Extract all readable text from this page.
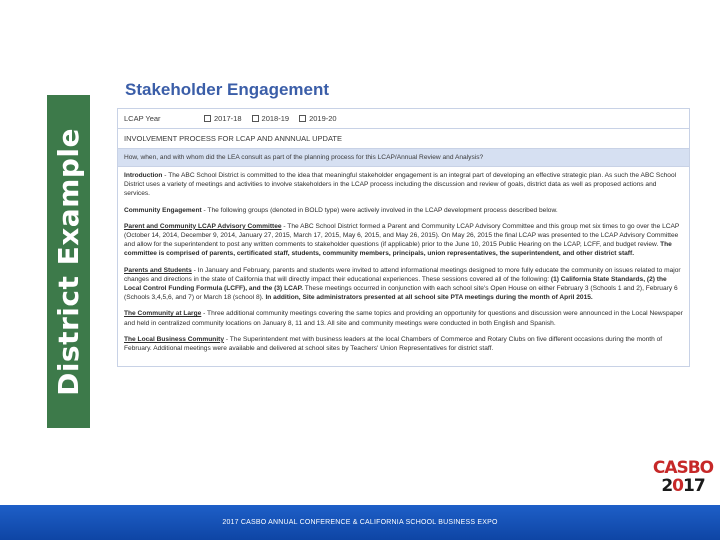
District Example
Stakeholder Engagement
LCAP Year	2017-18	2018-19	2019-20
INVOLVEMENT PROCESS FOR LCAP AND ANNNUAL UPDATE
How, when, and with whom did the LEA consult as part of the planning process for this LCAP/Annual Review and Analysis?

Introduction - The ABC School District is committed to the idea that meaningful stakeholder engagement is an integral part of developing an effective strategic plan. As such the ABC School District uses a variety of meetings and activities to involve stakeholders in the LCAP process including the discussion and review of goals, district data as well as proposed actions and services.

Community Engagement - The following groups (denoted in BOLD type) were actively involved in the LCAP development process described below.

Parent and Community LCAP Advisory Committee - The ABC School District formed a Parent and Community LCAP Advisory Committee and this group met six times to go over the LCAP (October 14, 2014, December 9, 2014, January 27, 2015, March 17, 2015, May 6, 2015, and May 26, 2015). On May 26, 2015 the final LCAP was presented to the LCAP Advisory Committee and allow for the superintendent to post any written comments to stakeholder questions (if applicable) prior to the June 10, 2015 Public Hearing on the LCAP, LCFF, and budget review. The committee is comprised of parents, certificated staff, students, community members, principals, union representatives, the superintendent, and other district staff.

Parents and Students - In January and February, parents and students were invited to attend informational meetings designed to more fully educate the community on issues related to major changes and directions in the state of California that will directly impact their educational experiences. These sessions covered all of the following: (1) California State Standards, (2) the Local Control Funding Formula (LCFF), and the (3) LCAP. These meetings occurred in conjunction with each school site's Open House on either February 3 (Schools 1 and 2), February 6 (Schools 3,4,5,6, and 7) or March 18 (school 8). In addition, Site administrators presented at all school site PTA meetings during the month of April 2015.

The Community at Large - Three additional community meetings covering the same topics and providing an opportunity for questions and discussion were announced in the Local Newspaper and held in centralized community locations on January 8, 11 and 13. All site and community meetings were conducted in both English and Spanish.

The Local Business Community - The Superintendent met with business leaders at the local Chambers of Commerce and Rotary Clubs on five different occasions during the month of February. Additional meetings were available and delivered at school sites by Teachers' Union Representatives for district staff.

CASBO
2017
2017 CASBO ANNUAL CONFERENCE & CALIFORNIA SCHOOL BUSINESS EXPO
